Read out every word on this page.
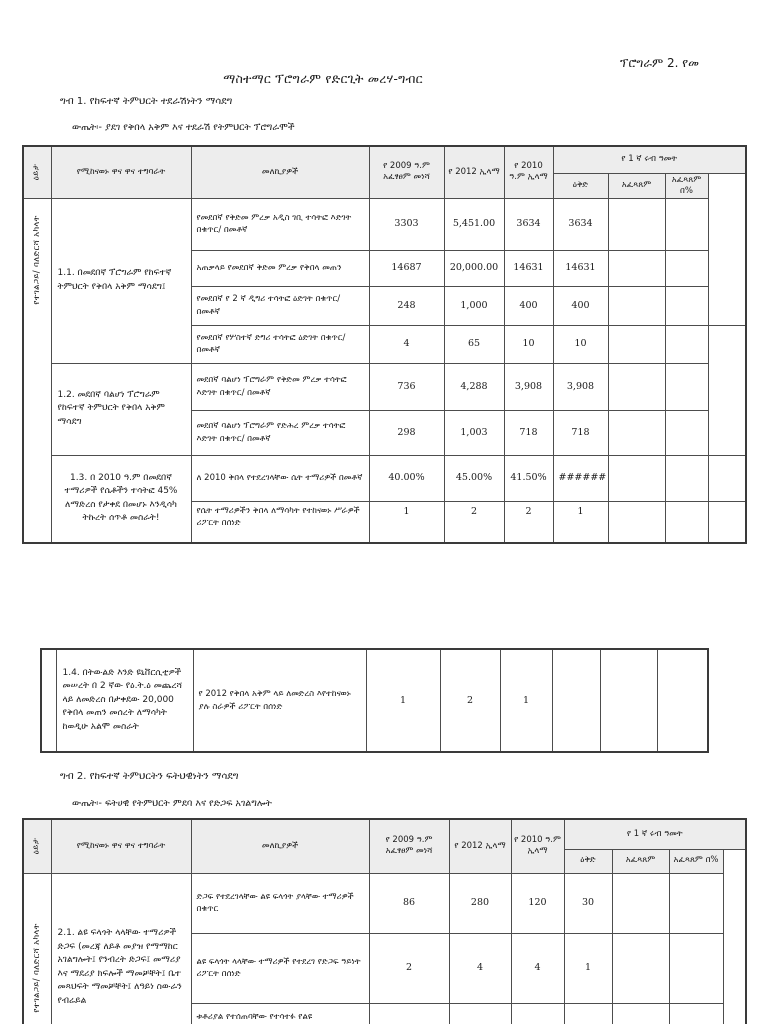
ፕሮግራም 2. የመ
ማስተማር ፕሮግራም የድርጊት መረሃ-ግብር
ግብ 1. የከፍተኛ ትምህርት ተደራሽነትን ማሳደግ
ውጤት፡- ያደገ የቅበላ አቅም እና ተደራሽ የትምህርት ፕሮግራሞች
ዕይታ	የሚከናወኑ ዋና ዋና ተግባራት	መለኪያዎች	የ 2009 ዓ.ም አፈፃፀም መነሻ	የ 2012 ኢላማ	የ 2010 ዓ.ም ኢላማ	የ 1 ኛ ሩብ ዓመት			
						ዕቅድ	አፈጻጸም	አፈጻጸም በ%	

የተገልጋይ/ ባለድርሻ አካላት	1.1. በመደበኛ ፕሮግራም የከፍተኛ ትምህርት የቅበላ አቅም ማሳደግ፤	የመደበኛ የቅድመ ምረቃ አዲስ ገቢ ተሳትፎ እድገት በቁጥር/ በመቶኛ	3303	5,451.00	3634	3634			
		አጠቃላይ የመደበኛ ቅድመ ምረቃ የቅበላ መጠን	14687	20,000.00	14631	14631			
		የመደበኛ የ 2 ኛ ዲግሪ ተሳትፎ ዕድገት በቁጥር/በመቶኛ	248	1,000	400	400			
		የመደበኛ የሦስተኛ ድግሪ ተሳትፎ ዕድገት በቁጥር/በመቶኛ	4	65	10	10			
	1.2. መደበኛ ባልሆነ ፕሮግራም የከፍተኛ ትምህርት የቅበላ አቅም ማሳደግ	መደበኛ ባልሆነ ፕሮግራም የቅድመ ምረቃ ተሳትፎ እድገት በቁጥር/ በመቶኛ	736	4,288	3,908	3,908			
		መደበኛ ባልሆነ ፕሮግራም የድሕረ ምረቃ ተሳትፎ እድገት በቁጥር/ በመቶኛ	298	1,003	718	718			
	1.3. በ 2010 ዓ.ም በመደበኛ ተማሪዎች የሴቶችን ተሳትፎ 45% ለማድረስ የታቀደ በመሆኑ እንዲሳካ ትኩረት ሰጥቶ መስራት!	ለ 2010 ቅበላ የተደረገላቸው ሴት ተማሪዎች በመቶኛ	40.00%	45.00%	41.50%	######			
		የሴት ተማሪዎችን ቅበላ ለማሳካት የተከናወኑ ሥራዎች ሪፖርት በሰነድ	1	2	2	1			
	1.4. በትውልድ እንድ ዩኒቨርሲቲዎች መሠረት በ 2 ኛው የዕ.ት.ዕ መጨረሻ ላይ ለመድረስ በታቀደው 20,000 የቅበላ መጠን መሰረት ለማሳካት ከወዲሁ አልሞ መስራት	የ 2012 የቅበላ አቅም ላይ ለመድረስ እየተከናወኑ ያሉ ስራዎች ሪፖርት በሰነድ	1	2	1			
ግብ 2. የከፍተኛ ትምህርትን ፍትህዊነትን ማሳደግ
ውጤት፡- ፍትሀዊ የትምህርት ምደባ እና የድጋፍ አገልግሎት
ዕይታ	የሚከናወኑ ዋና ዋና ተግባራት	መለኪያዎች	የ 2009 ዓ.ም አፈፃፀም መነሻ	የ 2012 ኢላማ	የ 2010 ዓ.ም ኢላማ	የ 1 ኛ ሩብ ዓመት			
						ዕቅድ	አፈጻጸም	አፈጻጸም በ%	

የተገልጋይ/ ባለድርሻ አካላት	2.1. ልዩ ፍላጎት ላላቸው ተማሪዎች ድጋፍ (መረጃ ለይቶ መያዝ የማማከር አገልግሎት፤ የንብረት ድጋፍ፤ መማሪያ እና ማደሪያ ክፍሎች ማመቻቸት፤ ቤተ መጻህፍት ማመቻቸት፤ ለዓይነ ስውራን የብሬይል	ድጋፍ የተደረገላቸው ልዩ ፍላጎት ያላቸው ተማሪዎች በቁጥር	86	280	120	30			
		ልዩ ፍላጎት ላላቸው ተማሪዎች የተደረገ የድጋፍ ዓይነት ሪፖርት በሰነድ	2	4	4	1			
		ቱቶሪያል የተሰጠባቸው የተሳተፉ የልዩ							
